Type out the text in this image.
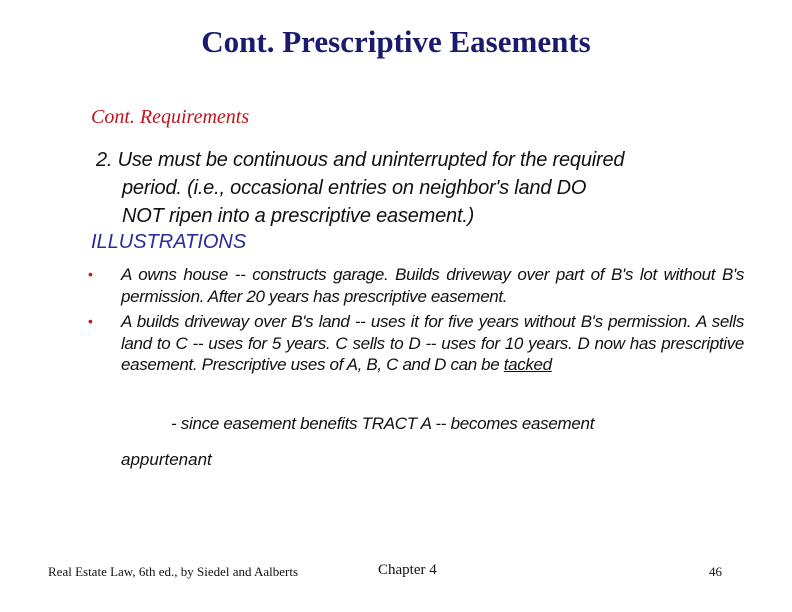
Cont. Prescriptive Easements
Cont. Requirements
2. Use must be continuous and uninterrupted for the required
period. (i.e., occasional entries on neighbor's land DO
NOT ripen into a prescriptive easement.)
ILLUSTRATIONS
• A owns house -- constructs garage. Builds driveway over part of B's lot without B's permission. After 20 years has prescriptive easement.
• A builds driveway over B's land -- uses it for five years without B's permission. A sells land to C -- uses for 5 years. C sells to D -- uses for 10 years. D now has prescriptive easement. Prescriptive uses of A, B, C and D can be tacked
- since easement benefits TRACT A -- becomes easement
appurtenant
Real Estate Law, 6th ed., by Siedel and Aalberts	Chapter 4	46
